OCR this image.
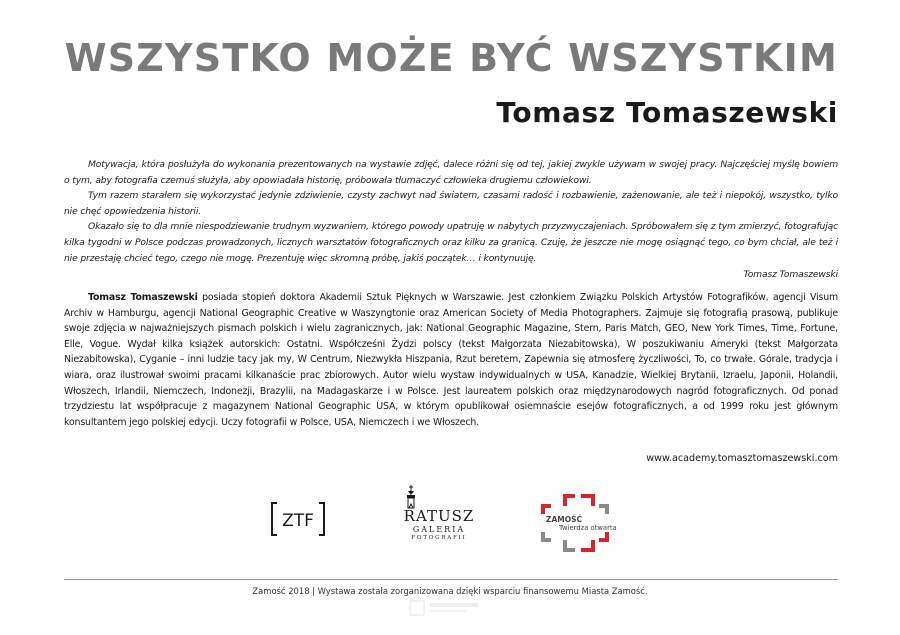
WSZYSTKO MOŻE BYĆ WSZYSTKIM
Tomasz Tomaszewski

Motywacja, która posłużyła do wykonania prezentowanych na wystawie zdjęć, dalece różni się od tej, jakiej zwykle używam w swojej pracy. Najczęściej myślę bowiem o tym, aby fotografia czemuś służyła, aby opowiadała historię, próbowała tłumaczyć człowieka drugiemu człowiekowi.

Tym razem starałem się wykorzystać jedynie zdziwienie, czysty zachwyt nad światem, czasami radość i rozbawienie, zażenowanie, ale też i niepokój, wszystko, tylko nie chęć opowiedzenia historii.

Okazało się to dla mnie niespodziewanie trudnym wyzwaniem, którego powody upatruję w nabytych przyzwyczajeniach. Spróbowałem się z tym zmierzyć, fotografując kilka tygodni w Polsce podczas prowadzonych, licznych warsztatów fotograficznych oraz kilku za granicą. Czuję, że jeszcze nie mogę osiągnąć tego, co bym chciał, ale też i nie przestaję chcieć tego, czego nie mogę. Prezentuję więc skromną próbę, jakiś początek… i kontynuuję.

Tomasz Tomaszewski

Tomasz Tomaszewski posiada stopień doktora Akademii Sztuk Pięknych w Warszawie. Jest członkiem Związku Polskich Artystów Fotografików, agencji Visum Archiv w Hamburgu, agencji National Geographic Creative w Waszyngtonie oraz American Society of Media Photographers. Zajmuje się fotografią prasową, publikuje swoje zdjęcia w najważniejszych pismach polskich i wielu zagranicznych, jak: National Geographic Magazine, Stern, Paris Match, GEO, New York Times, Time, Fortune, Elle, Vogue. Wydał kilka książek autorskich: Ostatni. Współcześni Żydzi polscy (tekst Małgorzata Niezabitowska), W poszukiwaniu Ameryki (tekst Małgorzata Niezabitowska), Cyganie – inni ludzie tacy jak my, W Centrum, Niezwykła Hiszpania, Rzut beretem, Zapewnia się atmosferę życzliwości, To, co trwałe. Górale, tradycja i wiara, oraz ilustrował swoimi pracami kilkanaście prac zbiorowych. Autor wielu wystaw indywidualnych w USA, Kanadzie, Wielkiej Brytanii, Izraelu, Japonii, Holandii, Włoszech, Irlandii, Niemczech, Indonezji, Brazylii, na Madagaskarze i w Polsce. Jest laureatem polskich oraz międzynarodowych nagród fotograficznych. Od ponad trzydziestu lat współpracuje z magazynem National Geographic USA, w którym opublikował osiemnaście esejów fotograficznych, a od 1999 roku jest głównym konsultantem jego polskiej edycji. Uczy fotografii w Polsce, USA, Niemczech i we Włoszech.

www.academy.tomasztomaszewski.com
ZTF	RATUSZ
GALERIA
FOTOGRAFII
ZAMOŚĆ
Twierdza otwarta
Zamość 2018 | Wystawa została zorganizowana dzięki wsparciu finansowemu Miasta Zamość.
